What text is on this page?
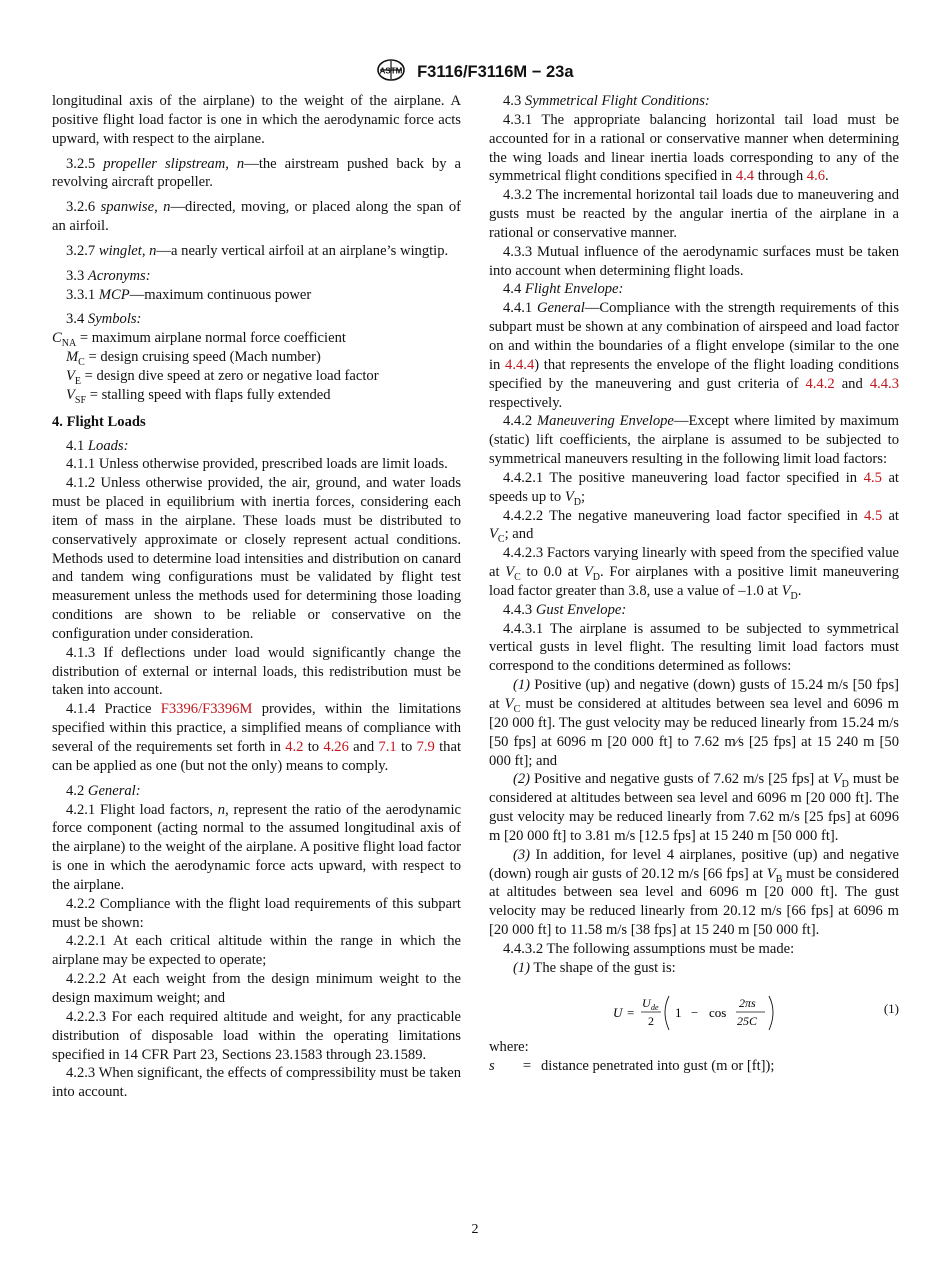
ASTM F3116/F3116M − 23a

longitudinal axis of the airplane) to the weight of the airplane. A positive flight load factor is one in which the aerodynamic force acts upward, with respect to the airplane.

3.2.5 propeller slipstream, n—the airstream pushed back by a revolving aircraft propeller.

3.2.6 spanwise, n—directed, moving, or placed along the span of an airfoil.

3.2.7 winglet, n—a nearly vertical airfoil at an airplane’s wingtip.

3.3 Acronyms:

3.3.1 MCP—maximum continuous power

3.4 Symbols:

$C_{NA}$ = maximum airplane normal force coefficient

$M_C$ = design cruising speed (Mach number)

$V_E$ = design dive speed at zero or negative load factor

$V_{SF}$ = stalling speed with flaps fully extended

4. Flight Loads

4.1 Loads:

4.1.1 Unless otherwise provided, prescribed loads are limit loads.

4.1.2 Unless otherwise provided, the air, ground, and water loads must be placed in equilibrium with inertia forces, considering each item of mass in the airplane. These loads must be distributed to conservatively approximate or closely represent actual conditions. Methods used to determine load intensities and distribution on canard and tandem wing configurations must be validated by flight test measurement unless the methods used for determining those loading conditions are shown to be reliable or conservative on the configuration under consideration.

4.1.3 If deflections under load would significantly change the distribution of external or internal loads, this redistribution must be taken into account.

4.1.4 Practice F3396/F3396M provides, within the limitations specified within this practice, a simplified means of compliance with several of the requirements set forth in 4.2 to 4.26 and 7.1 to 7.9 that can be applied as one (but not the only) means to comply.

4.2 General:

4.2.1 Flight load factors, n, represent the ratio of the aerodynamic force component (acting normal to the assumed longitudinal axis of the airplane) to the weight of the airplane. A positive flight load factor is one in which the aerodynamic force acts upward, with respect to the airplane.

4.2.2 Compliance with the flight load requirements of this subpart must be shown:

4.2.2.1 At each critical altitude within the range in which the airplane may be expected to operate;

4.2.2.2 At each weight from the design minimum weight to the design maximum weight; and

4.2.2.3 For each required altitude and weight, for any practicable distribution of disposable load within the operating limitations specified in 14 CFR Part 23, Sections 23.1583 through 23.1589.

4.2.3 When significant, the effects of compressibility must be taken into account.

4.3 Symmetrical Flight Conditions:

4.3.1 The appropriate balancing horizontal tail load must be accounted for in a rational or conservative manner when determining the wing loads and linear inertia loads corresponding to any of the symmetrical flight conditions specified in 4.4 through 4.6.

4.3.2 The incremental horizontal tail loads due to maneuvering and gusts must be reacted by the angular inertia of the airplane in a rational or conservative manner.

4.3.3 Mutual influence of the aerodynamic surfaces must be taken into account when determining flight loads.

4.4 Flight Envelope:

4.4.1 General—Compliance with the strength requirements of this subpart must be shown at any combination of airspeed and load factor on and within the boundaries of a flight envelope (similar to the one in 4.4.4) that represents the envelope of the flight loading conditions specified by the maneuvering and gust criteria of 4.4.2 and 4.4.3 respectively.

4.4.2 Maneuvering Envelope—Except where limited by maximum (static) lift coefficients, the airplane is assumed to be subjected to symmetrical maneuvers resulting in the following limit load factors:

4.4.2.1 The positive maneuvering load factor specified in 4.5 at speeds up to $V_D$;

4.4.2.2 The negative maneuvering load factor specified in 4.5 at $V_C$; and

4.4.2.3 Factors varying linearly with speed from the specified value at $V_C$ to 0.0 at $V_D$. For airplanes with a positive limit maneuvering load factor greater than 3.8, use a value of –1.0 at $V_D$.

4.4.3 Gust Envelope:

4.4.3.1 The airplane is assumed to be subjected to symmetrical vertical gusts in level flight. The resulting limit load factors must correspond to the conditions determined as follows:

(1) Positive (up) and negative (down) gusts of 15.24 m/s [50 fps] at $V_C$ must be considered at altitudes between sea level and 6096 m [20 000 ft]. The gust velocity may be reduced linearly from 15.24 m/s [50 fps] at 6096 m [20 000 ft] to 7.62 m⁄s [25 fps] at 15 240 m [50 000 ft]; and

(2) Positive and negative gusts of 7.62 m/s [25 fps] at $V_D$ must be considered at altitudes between sea level and 6096 m [20 000 ft]. The gust velocity may be reduced linearly from 7.62 m/s [25 fps] at 6096 m [20 000 ft] to 3.81 m/s [12.5 fps] at 15 240 m [50 000 ft].

(3) In addition, for level 4 airplanes, positive (up) and negative (down) rough air gusts of 20.12 m/s [66 fps] at $V_B$ must be considered at altitudes between sea level and 6096 m [20 000 ft]. The gust velocity may be reduced linearly from 20.12 m/s [66 fps] at 6096 m [20 000 ft] to 11.58 m/s [38 fps] at 15 240 m [50 000 ft].

4.4.3.2 The following assumptions must be made:

(1) The shape of the gust is:

U =
U de
2
1 − cos
2πs
25C
(1)

where:

s	= distance penetrated into gust (m or [ft]);
2
